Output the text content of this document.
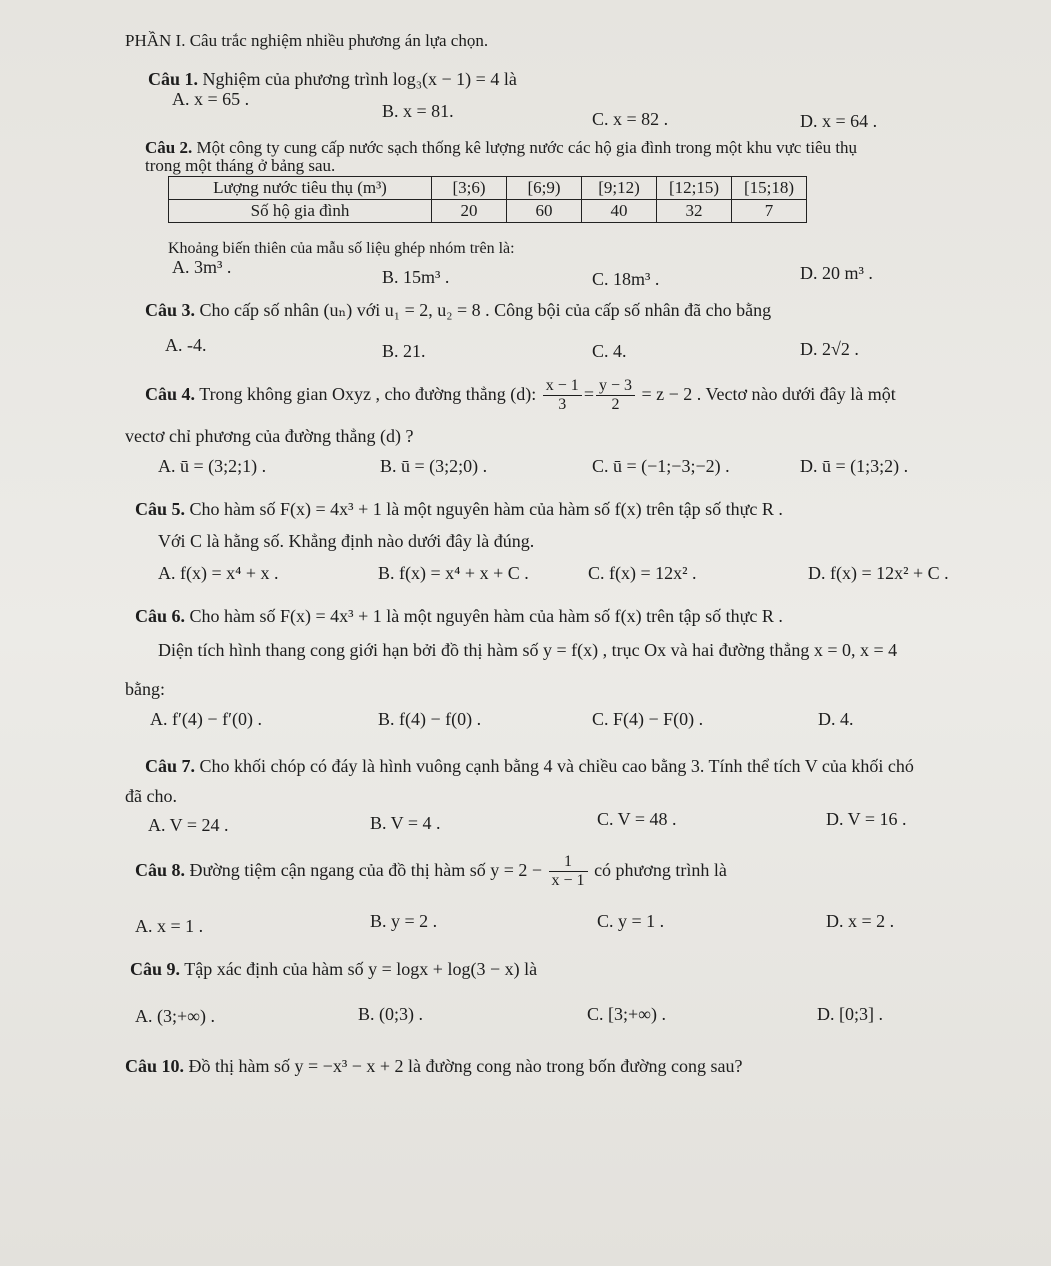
PHẦN I. Câu trắc nghiệm nhiều phương án lựa chọn.
Câu 1. Nghiệm của phương trình log₃(x − 1) = 4 là
A. x = 65 .
B. x = 81.	C. x = 82 .	D. x = 64 .
Câu 2. Một công ty cung cấp nước sạch thống kê lượng nước các hộ gia đình trong một khu vực tiêu thụ
trong một tháng ở bảng sau.
Lượng nước tiêu thụ (m³)	[3;6)	[6;9)	[9;12)	[12;15)	[15;18)
Số hộ gia đình	20	60	40	32	7
Khoảng biến thiên của mẫu số liệu ghép nhóm trên là:
A. 3m³ .	B. 15m³ .	C. 18m³ .	D. 20 m³ .
Câu 3. Cho cấp số nhân (uₙ) với u₁ = 2, u₂ = 8 . Công bội của cấp số nhân đã cho bằng
A. -4.	B. 21.	C. 4.	D. 2√2 .
Câu 4. Trong không gian Oxyz , cho đường thẳng (d): $\frac{x - 1}{3} = \frac{y - 3}{2} = z - 2$ . Vectơ nào dưới đây là một
vectơ chỉ phương của đường thẳng (d) ?
A. ū = (3;2;1) .	B. ū = (3;2;0) .	C. ū = (−1;−3;−2) .	D. ū = (1;3;2) .
Câu 5. Cho hàm số F(x) = 4x³ + 1 là một nguyên hàm của hàm số f(x) trên tập số thực R .
Với C là hằng số. Khẳng định nào dưới đây là đúng.
A. f(x) = x⁴ + x .	B. f(x) = x⁴ + x + C .	C. f(x) = 12x² .	D. f(x) = 12x² + C .
Câu 6. Cho hàm số F(x) = 4x³ + 1 là một nguyên hàm của hàm số f(x) trên tập số thực R .
Diện tích hình thang cong giới hạn bởi đồ thị hàm số y = f(x) , trục Ox và hai đường thẳng x = 0, x = 4
bằng:
A. f′(4) − f′(0) .	B. f(4) − f(0) .	C. F(4) − F(0) .	D. 4.
Câu 7. Cho khối chóp có đáy là hình vuông cạnh bằng 4 và chiều cao bằng 3. Tính thể tích V của khối chó
đã cho.
A. V = 24 .	B. V = 4 .	C. V = 48 .	D. V = 16 .
Câu 8. Đường tiệm cận ngang của đồ thị hàm số $y = 2 - \frac{1}{x - 1}$ có phương trình là
A. x = 1 .	B. y = 2 .	C. y = 1 .	D. x = 2 .
Câu 9. Tập xác định của hàm số y = logx + log(3 − x) là
A. (3;+∞) .	B. (0;3) .	C. [3;+∞) .	D. [0;3] .
Câu 10. Đồ thị hàm số y = −x³ − x + 2 là đường cong nào trong bốn đường cong sau?
